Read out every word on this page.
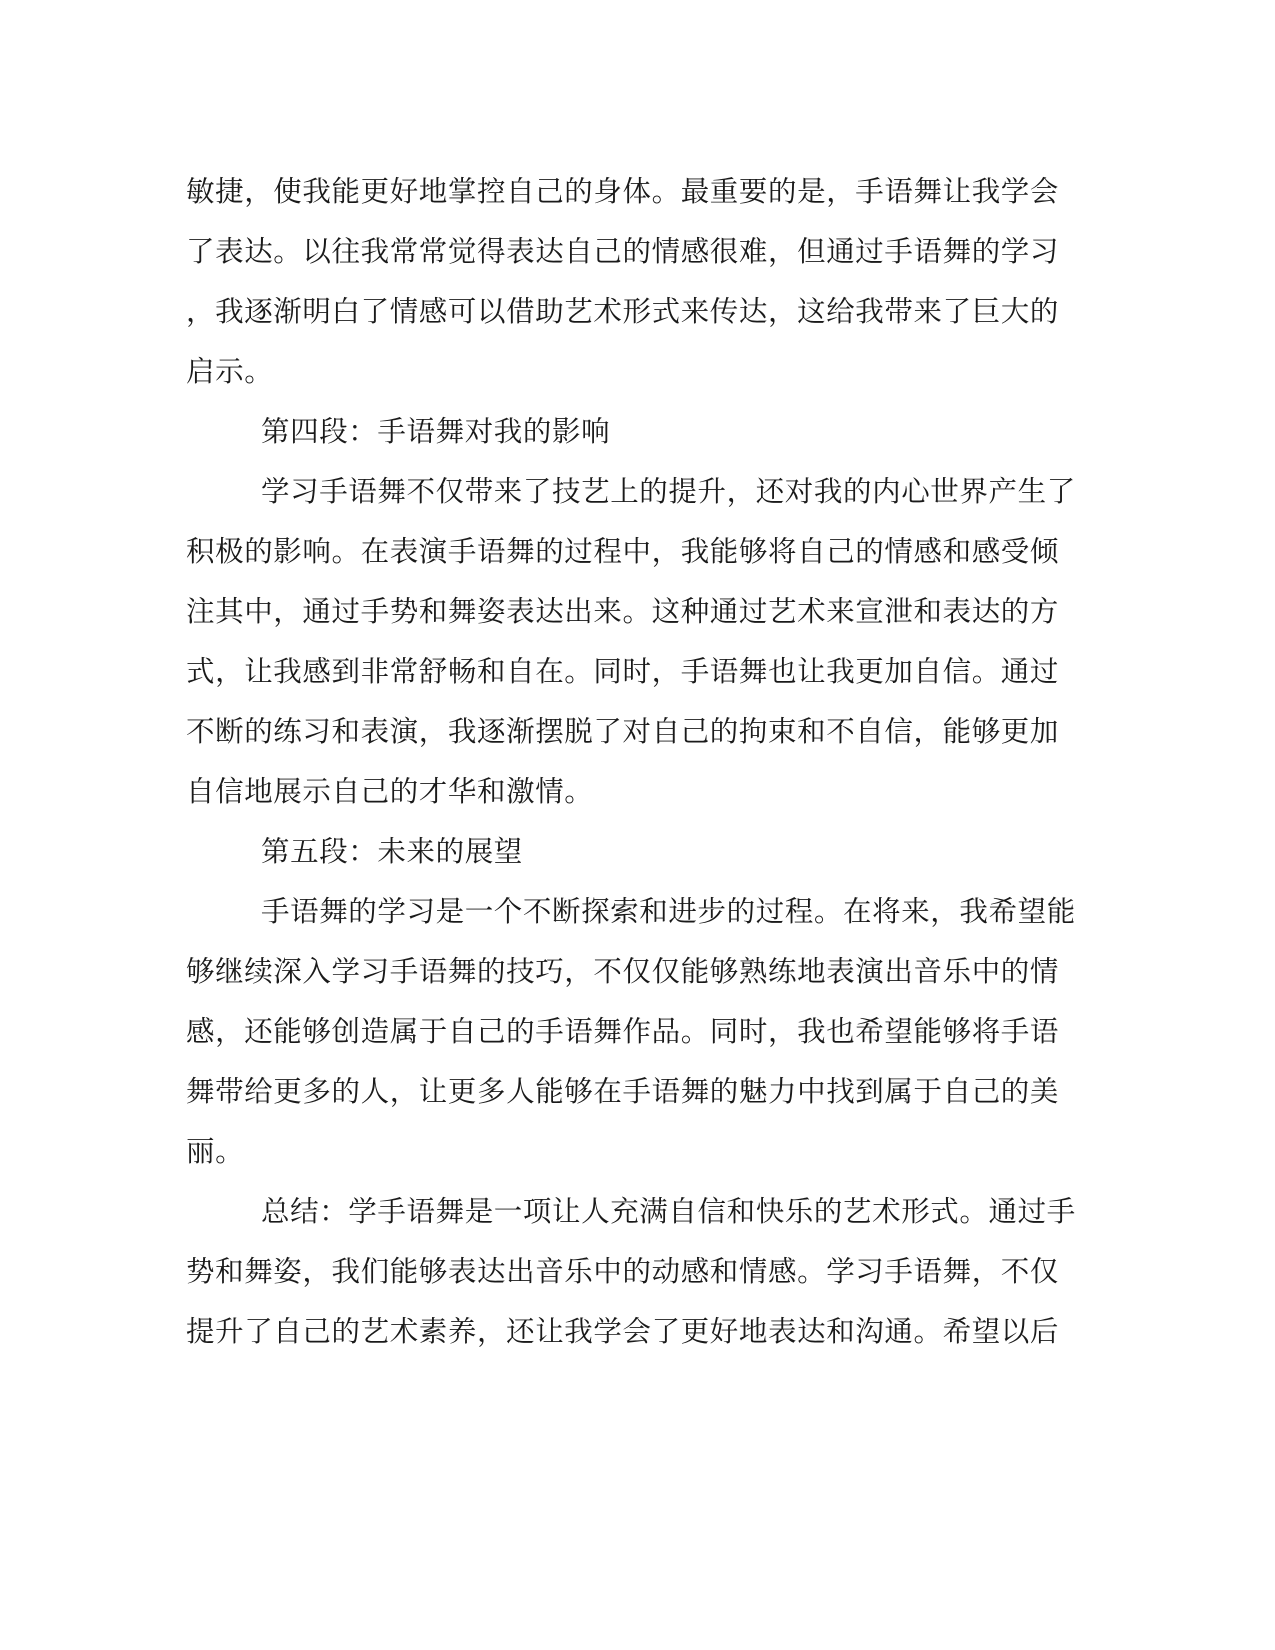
敏捷，使我能更好地掌控自己的身体。最重要的是，手语舞让我学会
了表达。以往我常常觉得表达自己的情感很难，但通过手语舞的学习
，我逐渐明白了情感可以借助艺术形式来传达，这给我带来了巨大的
启示。
第四段：手语舞对我的影响
学习手语舞不仅带来了技艺上的提升，还对我的内心世界产生了
积极的影响。在表演手语舞的过程中，我能够将自己的情感和感受倾
注其中，通过手势和舞姿表达出来。这种通过艺术来宣泄和表达的方
式，让我感到非常舒畅和自在。同时，手语舞也让我更加自信。通过
不断的练习和表演，我逐渐摆脱了对自己的拘束和不自信，能够更加
自信地展示自己的才华和激情。
第五段：未来的展望
手语舞的学习是一个不断探索和进步的过程。在将来，我希望能
够继续深入学习手语舞的技巧，不仅仅能够熟练地表演出音乐中的情
感，还能够创造属于自己的手语舞作品。同时，我也希望能够将手语
舞带给更多的人，让更多人能够在手语舞的魅力中找到属于自己的美
丽。
总结：学手语舞是一项让人充满自信和快乐的艺术形式。通过手
势和舞姿，我们能够表达出音乐中的动感和情感。学习手语舞，不仅
提升了自己的艺术素养，还让我学会了更好地表达和沟通。希望以后
